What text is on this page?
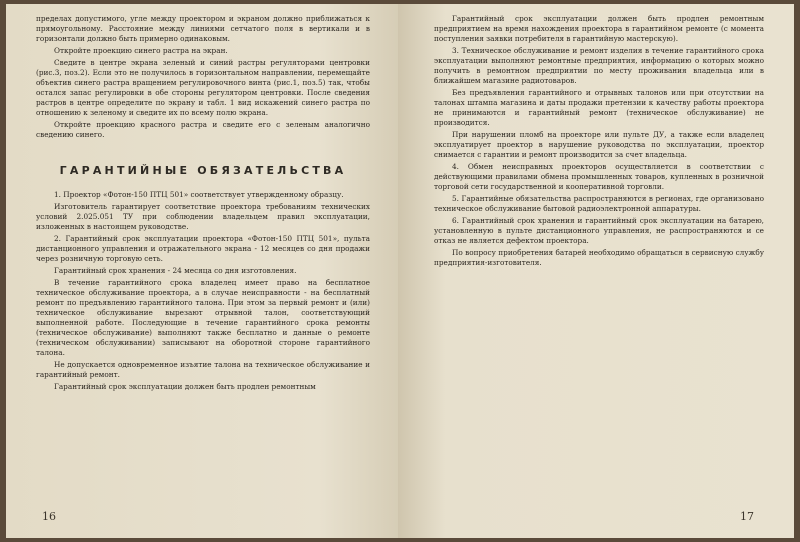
пределах допустимого, угле между проектором и экраном должно приближаться к прямоугольному. Расстояние между линиями сетчатого поля в вертикали и в горизонтали должно быть примерно одинаковым.

Откройте проекцию синего растра на экран.

Сведите в центре экрана зеленый и синий растры регуляторами центровки (рис.3, поз.2). Если это не получилось в горизонтальном направлении, перемещайте объектив синего растра вращением регулировочного винта (рис.1, поз.5) так, чтобы остался запас регулировки в обе стороны регулятором центровки. После сведения растров в центре определите по экрану и табл. 1 вид искажений синего растра по отношению к зеленому и сведите их по всему полю экрана.

Откройте проекцию красного растра и сведите его с зеленым аналогично сведению синего.

ГАРАНТИЙНЫЕ ОБЯЗАТЕЛЬСТВА

1. Проектор «Фотон-150 ПТЦ 501» соответствует утвержденному образцу.

Изготовитель гарантирует соответствие проектора требованиям технических условий 2.025.051 ТУ при соблюдении владельцем правил эксплуатации, изложенных в настоящем руководстве.

2. Гарантийный срок эксплуатации проектора «Фотон-150 ПТЦ 501», пульта дистанционного управления и отражательного экрана - 12 месяцев со дня продажи через розничную торговую сеть.

Гарантийный срок хранения - 24 месяца со дня изготовления.

В течение гарантийного срока владелец имеет право на бесплатное техническое обслуживание проектора, а в случае неисправности - на бесплатный ремонт по предъявлению гарантийного талона. При этом за первый ремонт и (или) техническое обслуживание вырезают отрывной талон, соответствующий выполненной работе. Последующие в течение гарантийного срока ремонты (техническое обслуживание) выполняют также бесплатно и данные о ремонте (техническом обслуживании) записывают на оборотной стороне гарантийного талона.

Не допускается одновременное изъятие талона на техническое обслуживание и гарантийный ремонт.

Гарантийный срок эксплуатации должен быть продлен ремонтным

16

Гарантийный срок эксплуатации должен быть продлен ремонтным предприятием на время нахождения проектора в гарантийном ремонте (с момента поступления заявки потребителя в гарантийную мастерскую).

3. Техническое обслуживание и ремонт изделия в течение гарантийного срока эксплуатации выполняют ремонтные предприятия, информацию о которых можно получить в ремонтном предприятии по месту проживания владельца или в ближайшем магазине радиотоваров.

Без предъявления гарантийного и отрывных талонов или при отсутствии на талонах штампа магазина и даты продажи претензии к качеству работы проектора не принимаются и гарантийный ремонт (техническое обслуживание) не производится.

При нарушении пломб на проекторе или пульте ДУ, а также если владелец эксплуатирует проектор в нарушение руководства по эксплуатации, проектор снимается с гарантии и ремонт производится за счет владельца.

4. Обмен неисправных проекторов осуществляется в соответствии с действующими правилами обмена промышленных товаров, купленных в розничной торговой сети государственной и кооперативной торговли.

5. Гарантийные обязательства распространяются в регионах, где организовано техническое обслуживание бытовой радиоэлектронной аппаратуры.

6. Гарантийный срок хранения и гарантийный срок эксплуатации на батарею, установленную в пульте дистанционного управления, не распространяются и се отказ не является дефектом проектора.

По вопросу приобретения батарей необходимо обращаться в сервисную службу предприятия-изготовителя.

17
